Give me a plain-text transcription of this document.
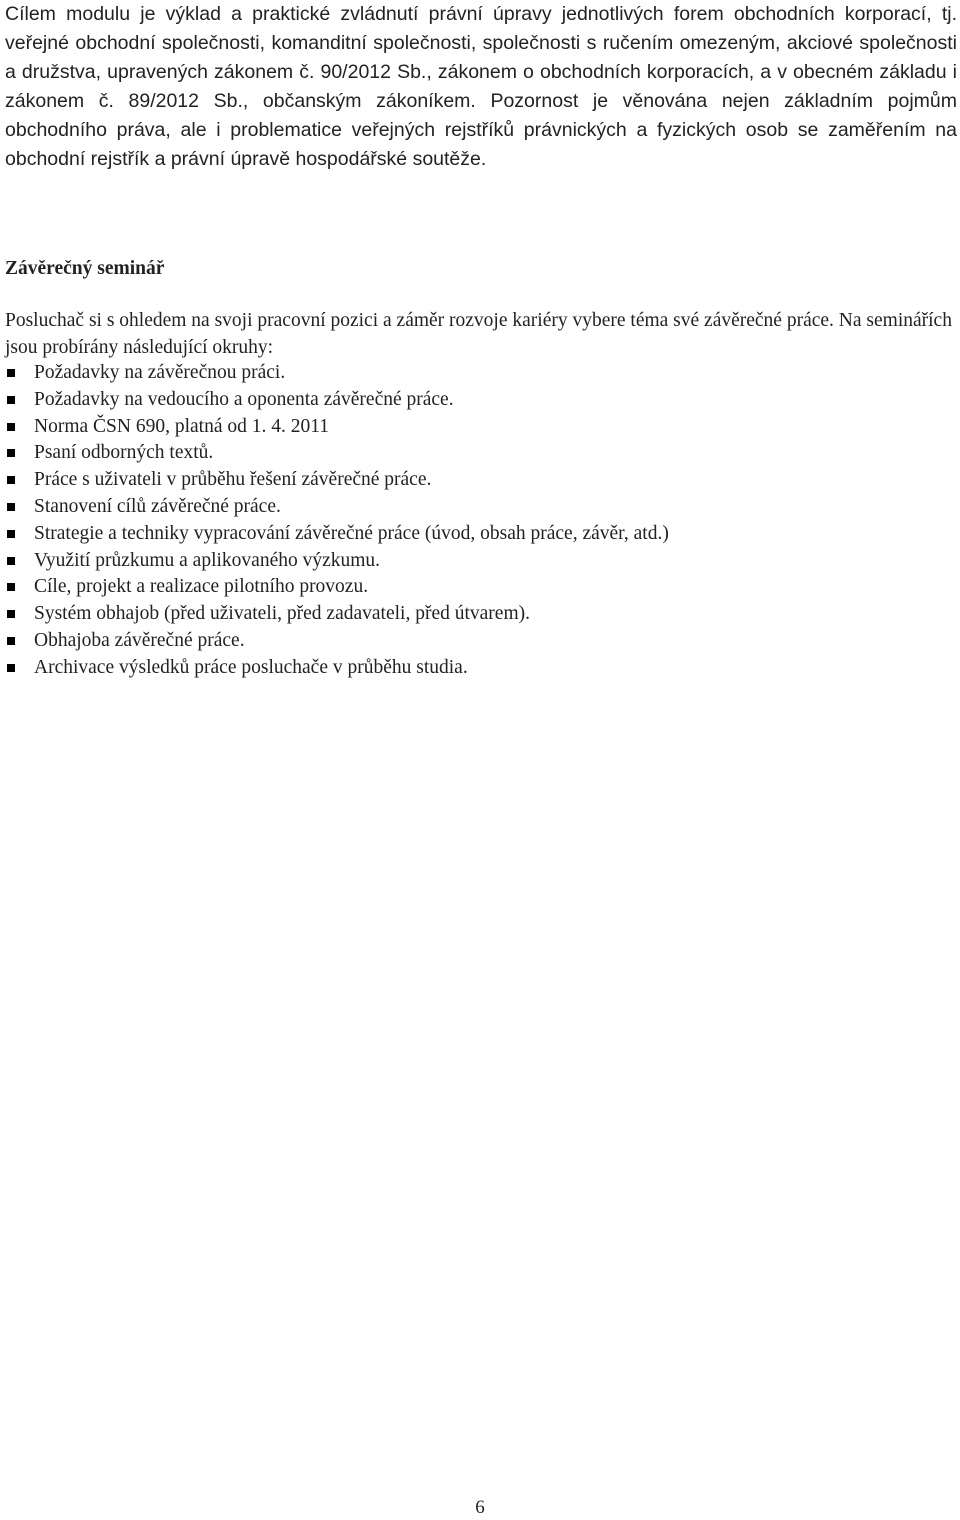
Cílem modulu je výklad a praktické zvládnutí právní úpravy jednotlivých forem obchodních korporací, tj. veřejné obchodní společnosti, komanditní společnosti, společnosti s ručením omezeným, akciové společnosti a družstva, upravených zákonem č. 90/2012 Sb., zákonem o obchodních korporacích, a v obecném základu i zákonem č. 89/2012 Sb., občanským zákoníkem. Pozornost je věnována nejen základním pojmům obchodního práva, ale i problematice veřejných rejstříků právnických a fyzických osob se zaměřením na obchodní rejstřík a právní úpravě hospodářské soutěže.

Závěrečný seminář

Posluchač si s ohledem na svoji pracovní pozici a záměr rozvoje kariéry vybere téma své závěrečné práce. Na seminářích jsou probírány následující okruhy:

Požadavky na závěrečnou práci.
Požadavky na vedoucího a oponenta závěrečné práce.
Norma ČSN 690, platná od 1. 4. 2011
Psaní odborných textů.
Práce s uživateli v průběhu řešení závěrečné práce.
Stanovení cílů závěrečné práce.
Strategie a techniky vypracování závěrečné práce (úvod, obsah práce, závěr, atd.)
Využití průzkumu a aplikovaného výzkumu.
Cíle, projekt a realizace pilotního provozu.
Systém obhajob (před uživateli, před zadavateli, před útvarem).
Obhajoba závěrečné práce.
Archivace výsledků práce posluchače v průběhu studia.

6
